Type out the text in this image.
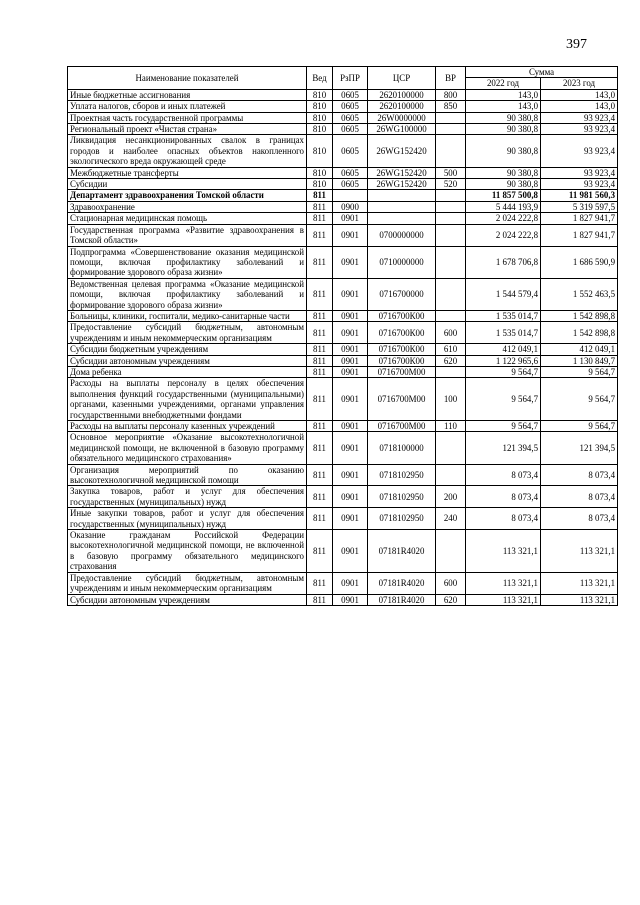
397
Наименование показателей	Вед	РзПР	ЦСР	ВР	Сумма	
					2022 год	2023 год
Иные бюджетные ассигнования	810	0605	2620100000	800	143,0	143,0
Уплата налогов, сборов и иных платежей	810	0605	2620100000	850	143,0	143,0
Проектная часть государственной программы	810	0605	26W0000000		90 380,8	93 923,4
Региональный проект «Чистая страна»	810	0605	26WG100000		90 380,8	93 923,4
Ликвидация несанкционированных свалок в границах городов и наиболее опасных объектов накопленного экологического вреда окружающей среде	810	0605	26WG152420		90 380,8	93 923,4
Межбюджетные трансферты	810	0605	26WG152420	500	90 380,8	93 923,4
Субсидии	810	0605	26WG152420	520	90 380,8	93 923,4
Департамент здравоохранения Томской области	811				11 857 500,8	11 981 560,3
Здравоохранение	811	0900			5 444 193,9	5 319 597,5
Стационарная медицинская помощь	811	0901			2 024 222,8	1 827 941,7
Государственная программа «Развитие здравоохранения в Томской области»	811	0901	0700000000		2 024 222,8	1 827 941,7
Подпрограмма «Совершенствование оказания медицинской помощи, включая профилактику заболеваний и формирование здорового образа жизни»	811	0901	0710000000		1 678 706,8	1 686 590,9
Ведомственная целевая программа «Оказание медицинской помощи, включая профилактику заболеваний и формирование здорового образа жизни»	811	0901	0716700000		1 544 579,4	1 552 463,5
Больницы, клиники, госпитали, медико-санитарные части	811	0901	0716700К00		1 535 014,7	1 542 898,8
Предоставление субсидий бюджетным, автономным учреждениям и иным некоммерческим организациям	811	0901	0716700К00	600	1 535 014,7	1 542 898,8
Субсидии бюджетным учреждениям	811	0901	0716700К00	610	412 049,1	412 049,1
Субсидии автономным учреждениям	811	0901	0716700К00	620	1 122 965,6	1 130 849,7
Дома ребенка	811	0901	0716700М00		9 564,7	9 564,7
Расходы на выплаты персоналу в целях обеспечения выполнения функций государственными (муниципальными) органами, казенными учреждениями, органами управления государственными внебюджетными фондами	811	0901	0716700М00	100	9 564,7	9 564,7
Расходы на выплаты персоналу казенных учреждений	811	0901	0716700М00	110	9 564,7	9 564,7
Основное мероприятие «Оказание высокотехнологичной медицинской помощи, не включенной в базовую программу обязательного медицинского страхования»	811	0901	0718100000		121 394,5	121 394,5
Организация мероприятий по оказанию высокотехнологичной медицинской помощи	811	0901	0718102950		8 073,4	8 073,4
Закупка товаров, работ и услуг для обеспечения государственных (муниципальных) нужд	811	0901	0718102950	200	8 073,4	8 073,4
Иные закупки товаров, работ и услуг для обеспечения государственных (муниципальных) нужд	811	0901	0718102950	240	8 073,4	8 073,4
Оказание гражданам Российской Федерации высокотехнологичной медицинской помощи, не включенной в базовую программу обязательного медицинского страхования	811	0901	07181R4020		113 321,1	113 321,1
Предоставление субсидий бюджетным, автономным учреждениям и иным некоммерческим организациям	811	0901	07181R4020	600	113 321,1	113 321,1
Субсидии автономным учреждениям	811	0901	07181R4020	620	113 321,1	113 321,1
